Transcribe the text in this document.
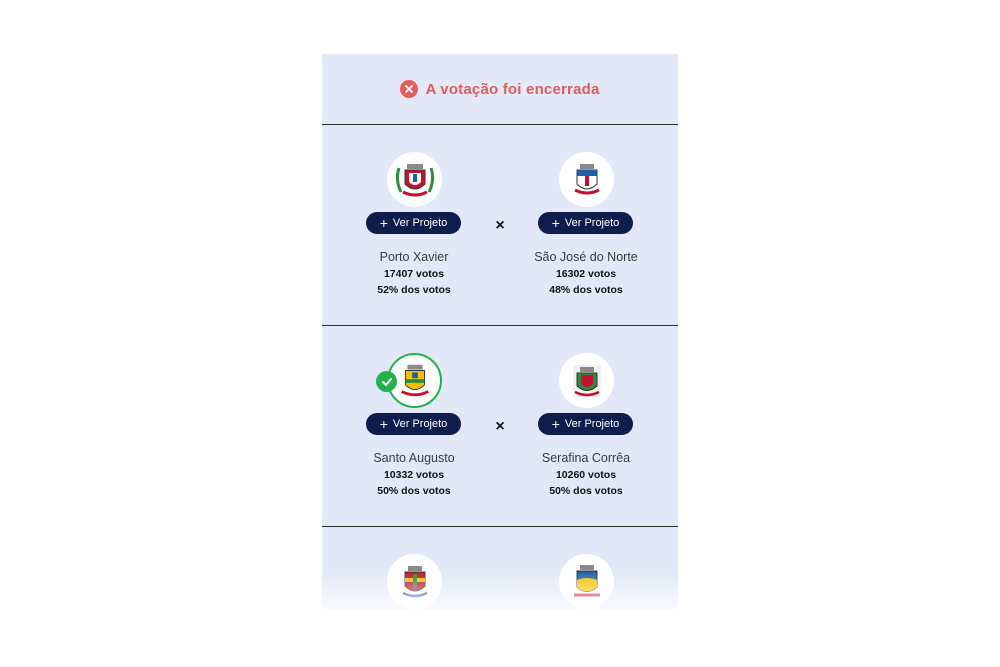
A votação foi encerrada
+ Ver Projeto
Porto Xavier
17407 votos
52% dos votos
×	+ Ver Projeto
São José do Norte
16302 votos
48% dos votos
+ Ver Projeto
Santo Augusto
10332 votos
50% dos votos
×	+ Ver Projeto
Serafina Corrêa
10260 votos
50% dos votos
